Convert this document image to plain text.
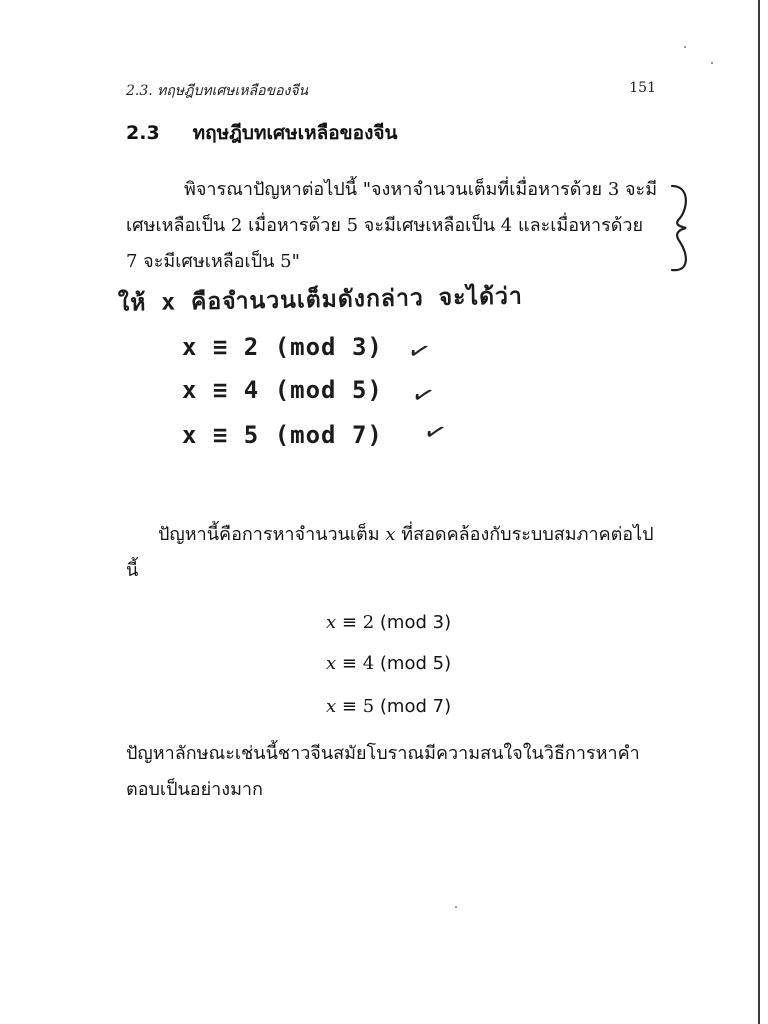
2.3. ทฤษฎีบทเศษเหลือของจีน	151
2.3 ทฤษฎีบทเศษเหลือของจีน
พิจารณาปัญหาต่อไปนี้ "จงหาจำนวนเต็มที่เมื่อหารด้วย 3 จะมีเศษเหลือเป็น 2 เมื่อหารด้วย 5 จะมีเศษเหลือเป็น 4 และเมื่อหารด้วย 7 จะมีเศษเหลือเป็น 5"
ให้ x คือจำนวนเต็มดังกล่าว จะได้ว่า
x ≡ 2 (mod 3)
x ≡ 4 (mod 5)
x ≡ 5 (mod 7)
✓
✓
✓
ปัญหานี้คือการหาจำนวนเต็ม x ที่สอดคล้องกับระบบสมภาคต่อไปนี้
x ≡ 2 (mod 3)
x ≡ 4 (mod 5)
x ≡ 5 (mod 7)
ปัญหาลักษณะเช่นนี้ชาวจีนสมัยโบราณมีความสนใจในวิธีการหาคำตอบเป็นอย่างมาก
